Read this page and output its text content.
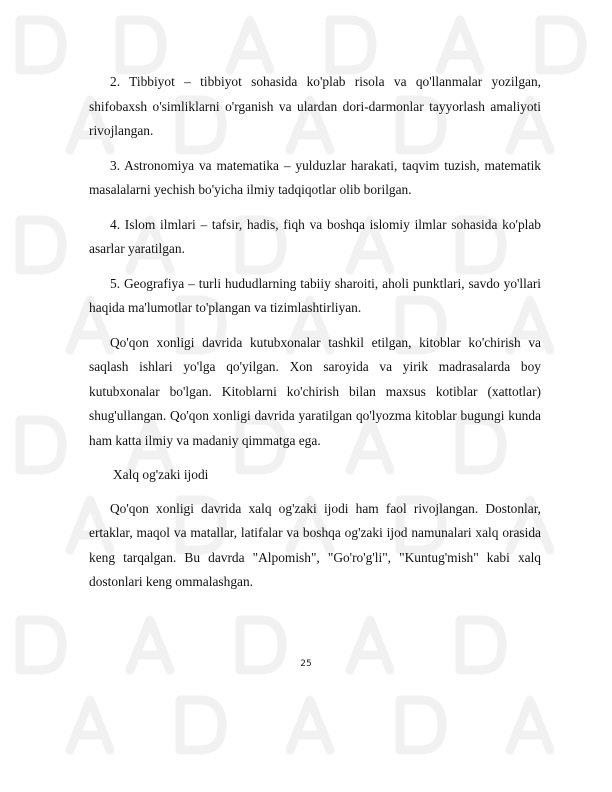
2. Tibbiyot – tibbiyot sohasida ko'plab risola va qo'llanmalar yozilgan, shifobaxsh o'simliklarni o'rganish va ulardan dori-darmonlar tayyorlash amaliyoti rivojlangan.

3. Astronomiya va matematika – yulduzlar harakati, taqvim tuzish, matematik masalalarni yechish bo'yicha ilmiy tadqiqotlar olib borilgan.

4. Islom ilmlari – tafsir, hadis, fiqh va boshqa islomiy ilmlar sohasida ko'plab asarlar yaratilgan.

5. Geografiya – turli hududlarning tabiiy sharoiti, aholi punktlari, savdo yo'llari haqida ma'lumotlar to'plangan va tizimlashtirliyan.

Qo'qon xonligi davrida kutubxonalar tashkil etilgan, kitoblar ko'chirish va saqlash ishlari yo'lga qo'yilgan. Xon saroyida va yirik madrasalarda boy kutubxonalar bo'lgan. Kitoblarni ko'chirish bilan maxsus kotiblar (xattotlar) shug'ullangan. Qo'qon xonligi davrida yaratilgan qo'lyozma kitoblar bugungi kunda ham katta ilmiy va madaniy qimmatga ega.

Xalq og'zaki ijodi

Qo'qon xonligi davrida xalq og'zaki ijodi ham faol rivojlangan. Dostonlar, ertaklar, maqol va matallar, latifalar va boshqa og'zaki ijod namunalari xalq orasida keng tarqalgan. Bu davrda "Alpomish", "Go'ro'g'li", "Kuntug'mish" kabi xalq dostonlari keng ommalashgan.

25
